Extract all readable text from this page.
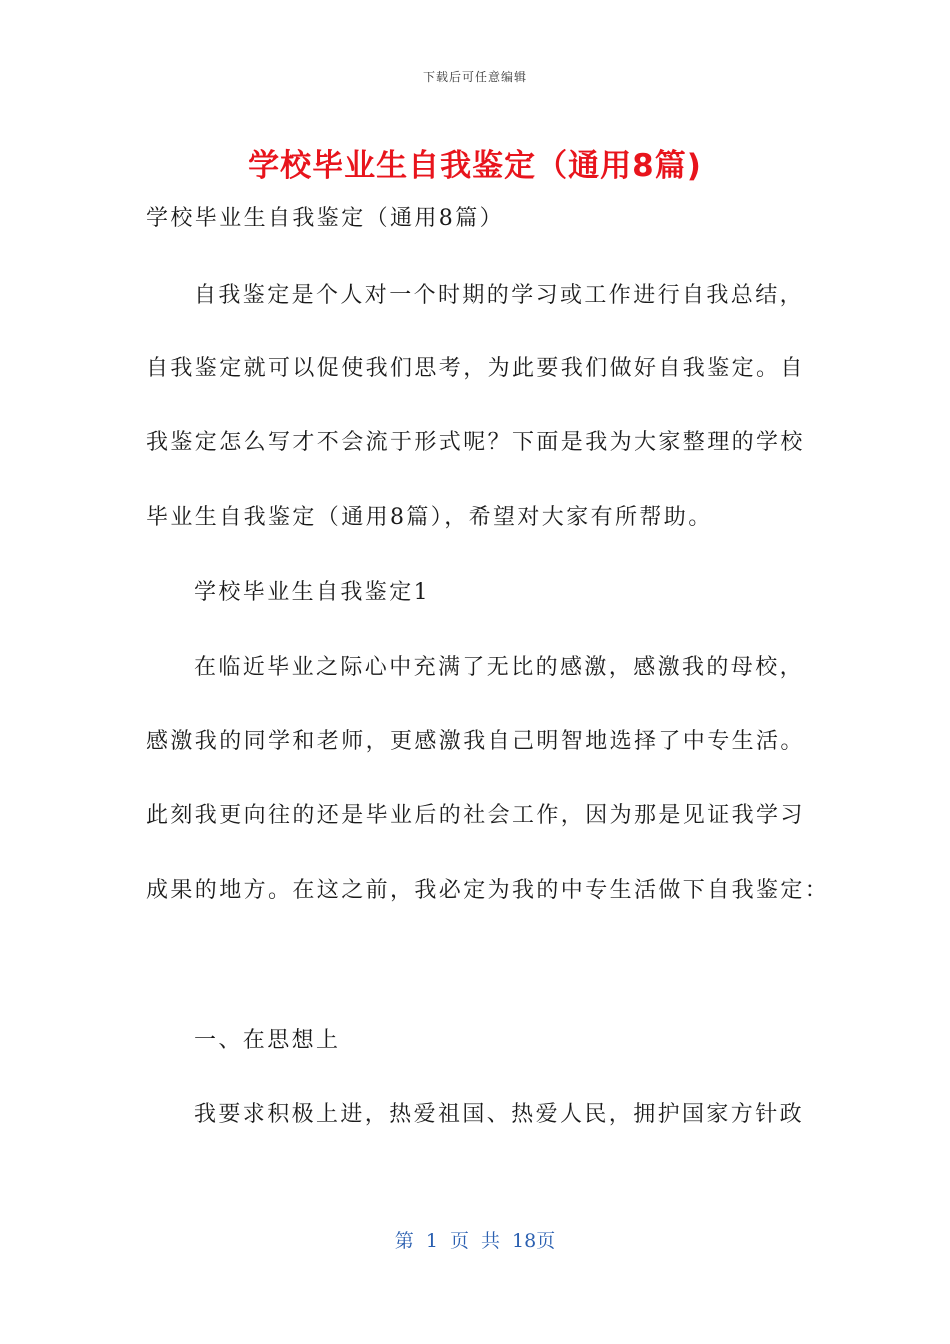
下载后可任意编辑
学校毕业生自我鉴定（通用8篇)
学校毕业生自我鉴定（通用8篇）
自我鉴定是个人对一个时期的学习或工作进行自我总结，
自我鉴定就可以促使我们思考，为此要我们做好自我鉴定。自
我鉴定怎么写才不会流于形式呢？下面是我为大家整理的学校
毕业生自我鉴定（通用8篇），希望对大家有所帮助。
学校毕业生自我鉴定1
在临近毕业之际心中充满了无比的感激，感激我的母校，
感激我的同学和老师，更感激我自己明智地选择了中专生活。
此刻我更向往的还是毕业后的社会工作，因为那是见证我学习
成果的地方。在这之前，我必定为我的中专生活做下自我鉴定：
一、在思想上
我要求积极上进，热爱祖国、热爱人民，拥护国家方针政
第 1 页 共 18页
